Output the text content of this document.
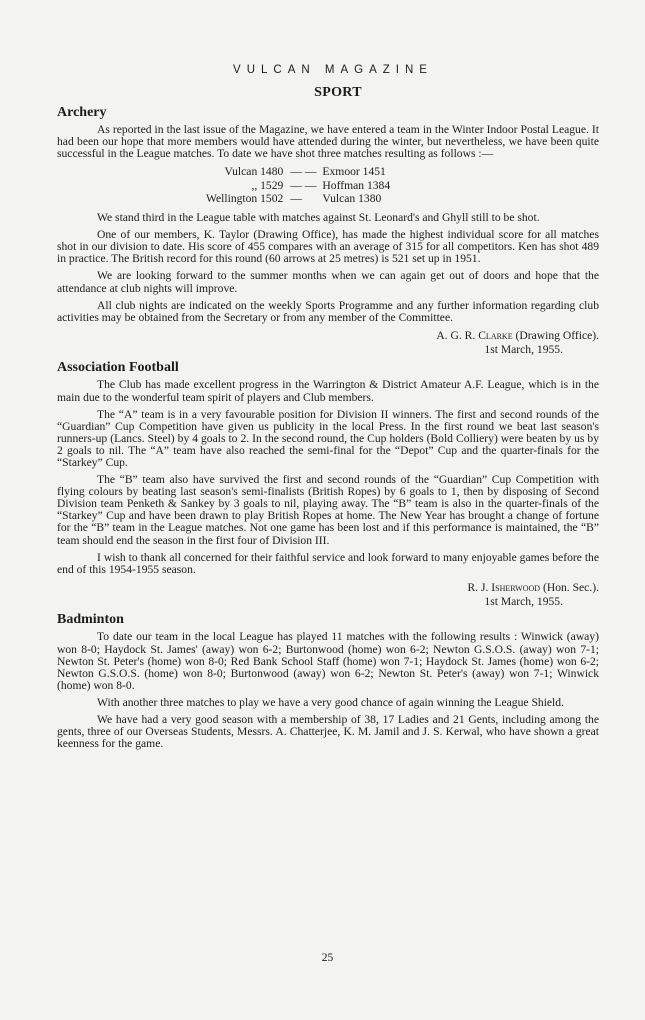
VULCAN MAGAZINE
SPORT
Archery

As reported in the last issue of the Magazine, we have entered a team in the Winter Indoor Postal League. It had been our hope that more members would have attended during the winter, but nevertheless, we have been quite successful in the League matches. To date we have shot three matches resulting as follows :—

Vulcan 1480	— —	Exmoor 1451
,, 1529	— —	Hoffman 1384
Wellington 1502	—	Vulcan 1380

We stand third in the League table with matches against St. Leonard's and Ghyll still to be shot.

One of our members, K. Taylor (Drawing Office), has made the highest individual score for all matches shot in our division to date. His score of 455 compares with an average of 315 for all competitors. Ken has shot 489 in practice. The British record for this round (60 arrows at 25 metres) is 521 set up in 1951.

We are looking forward to the summer months when we can again get out of doors and hope that the attendance at club nights will improve.

All club nights are indicated on the weekly Sports Programme and any further information regarding club activities may be obtained from the Secretary or from any member of the Committee.

A. G. R. Clarke (Drawing Office).
1st March, 1955.
Association Football

The Club has made excellent progress in the Warrington & District Amateur A.F. League, which is in the main due to the wonderful team spirit of players and Club members.

The “A” team is in a very favourable position for Division II winners. The first and second rounds of the “Guardian” Cup Competition have given us publicity in the local Press. In the first round we beat last season's runners-up (Lancs. Steel) by 4 goals to 2. In the second round, the Cup holders (Bold Colliery) were beaten by us by 2 goals to nil. The “A” team have also reached the semi-final for the “Depot” Cup and the quarter-finals for the “Starkey” Cup.

The “B” team also have survived the first and second rounds of the “Guardian” Cup Competition with flying colours by beating last season's semi-finalists (British Ropes) by 6 goals to 1, then by disposing of Second Division team Penketh & Sankey by 3 goals to nil, playing away. The “B” team is also in the quarter-finals of the “Starkey” Cup and have been drawn to play British Ropes at home. The New Year has brought a change of fortune for the “B” team in the League matches. Not one game has been lost and if this performance is maintained, the “B” team should end the season in the first four of Division III.

I wish to thank all concerned for their faithful service and look forward to many enjoyable games before the end of this 1954-1955 season.

R. J. Isherwood (Hon. Sec.).
1st March, 1955.
Badminton

To date our team in the local League has played 11 matches with the following results : Winwick (away) won 8-0; Haydock St. James' (away) won 6-2; Burtonwood (home) won 6-2; Newton G.S.O.S. (away) won 7-1; Newton St. Peter's (home) won 8-0; Red Bank School Staff (home) won 7-1; Haydock St. James (home) won 6-2; Newton G.S.O.S. (home) won 8-0; Burtonwood (away) won 6-2; Newton St. Peter's (away) won 7-1; Winwick (home) won 8-0.

With another three matches to play we have a very good chance of again winning the League Shield.

We have had a very good season with a membership of 38, 17 Ladies and 21 Gents, including among the gents, three of our Overseas Students, Messrs. A. Chatterjee, K. M. Jamil and J. S. Kerwal, who have shown a great keenness for the game.

25
